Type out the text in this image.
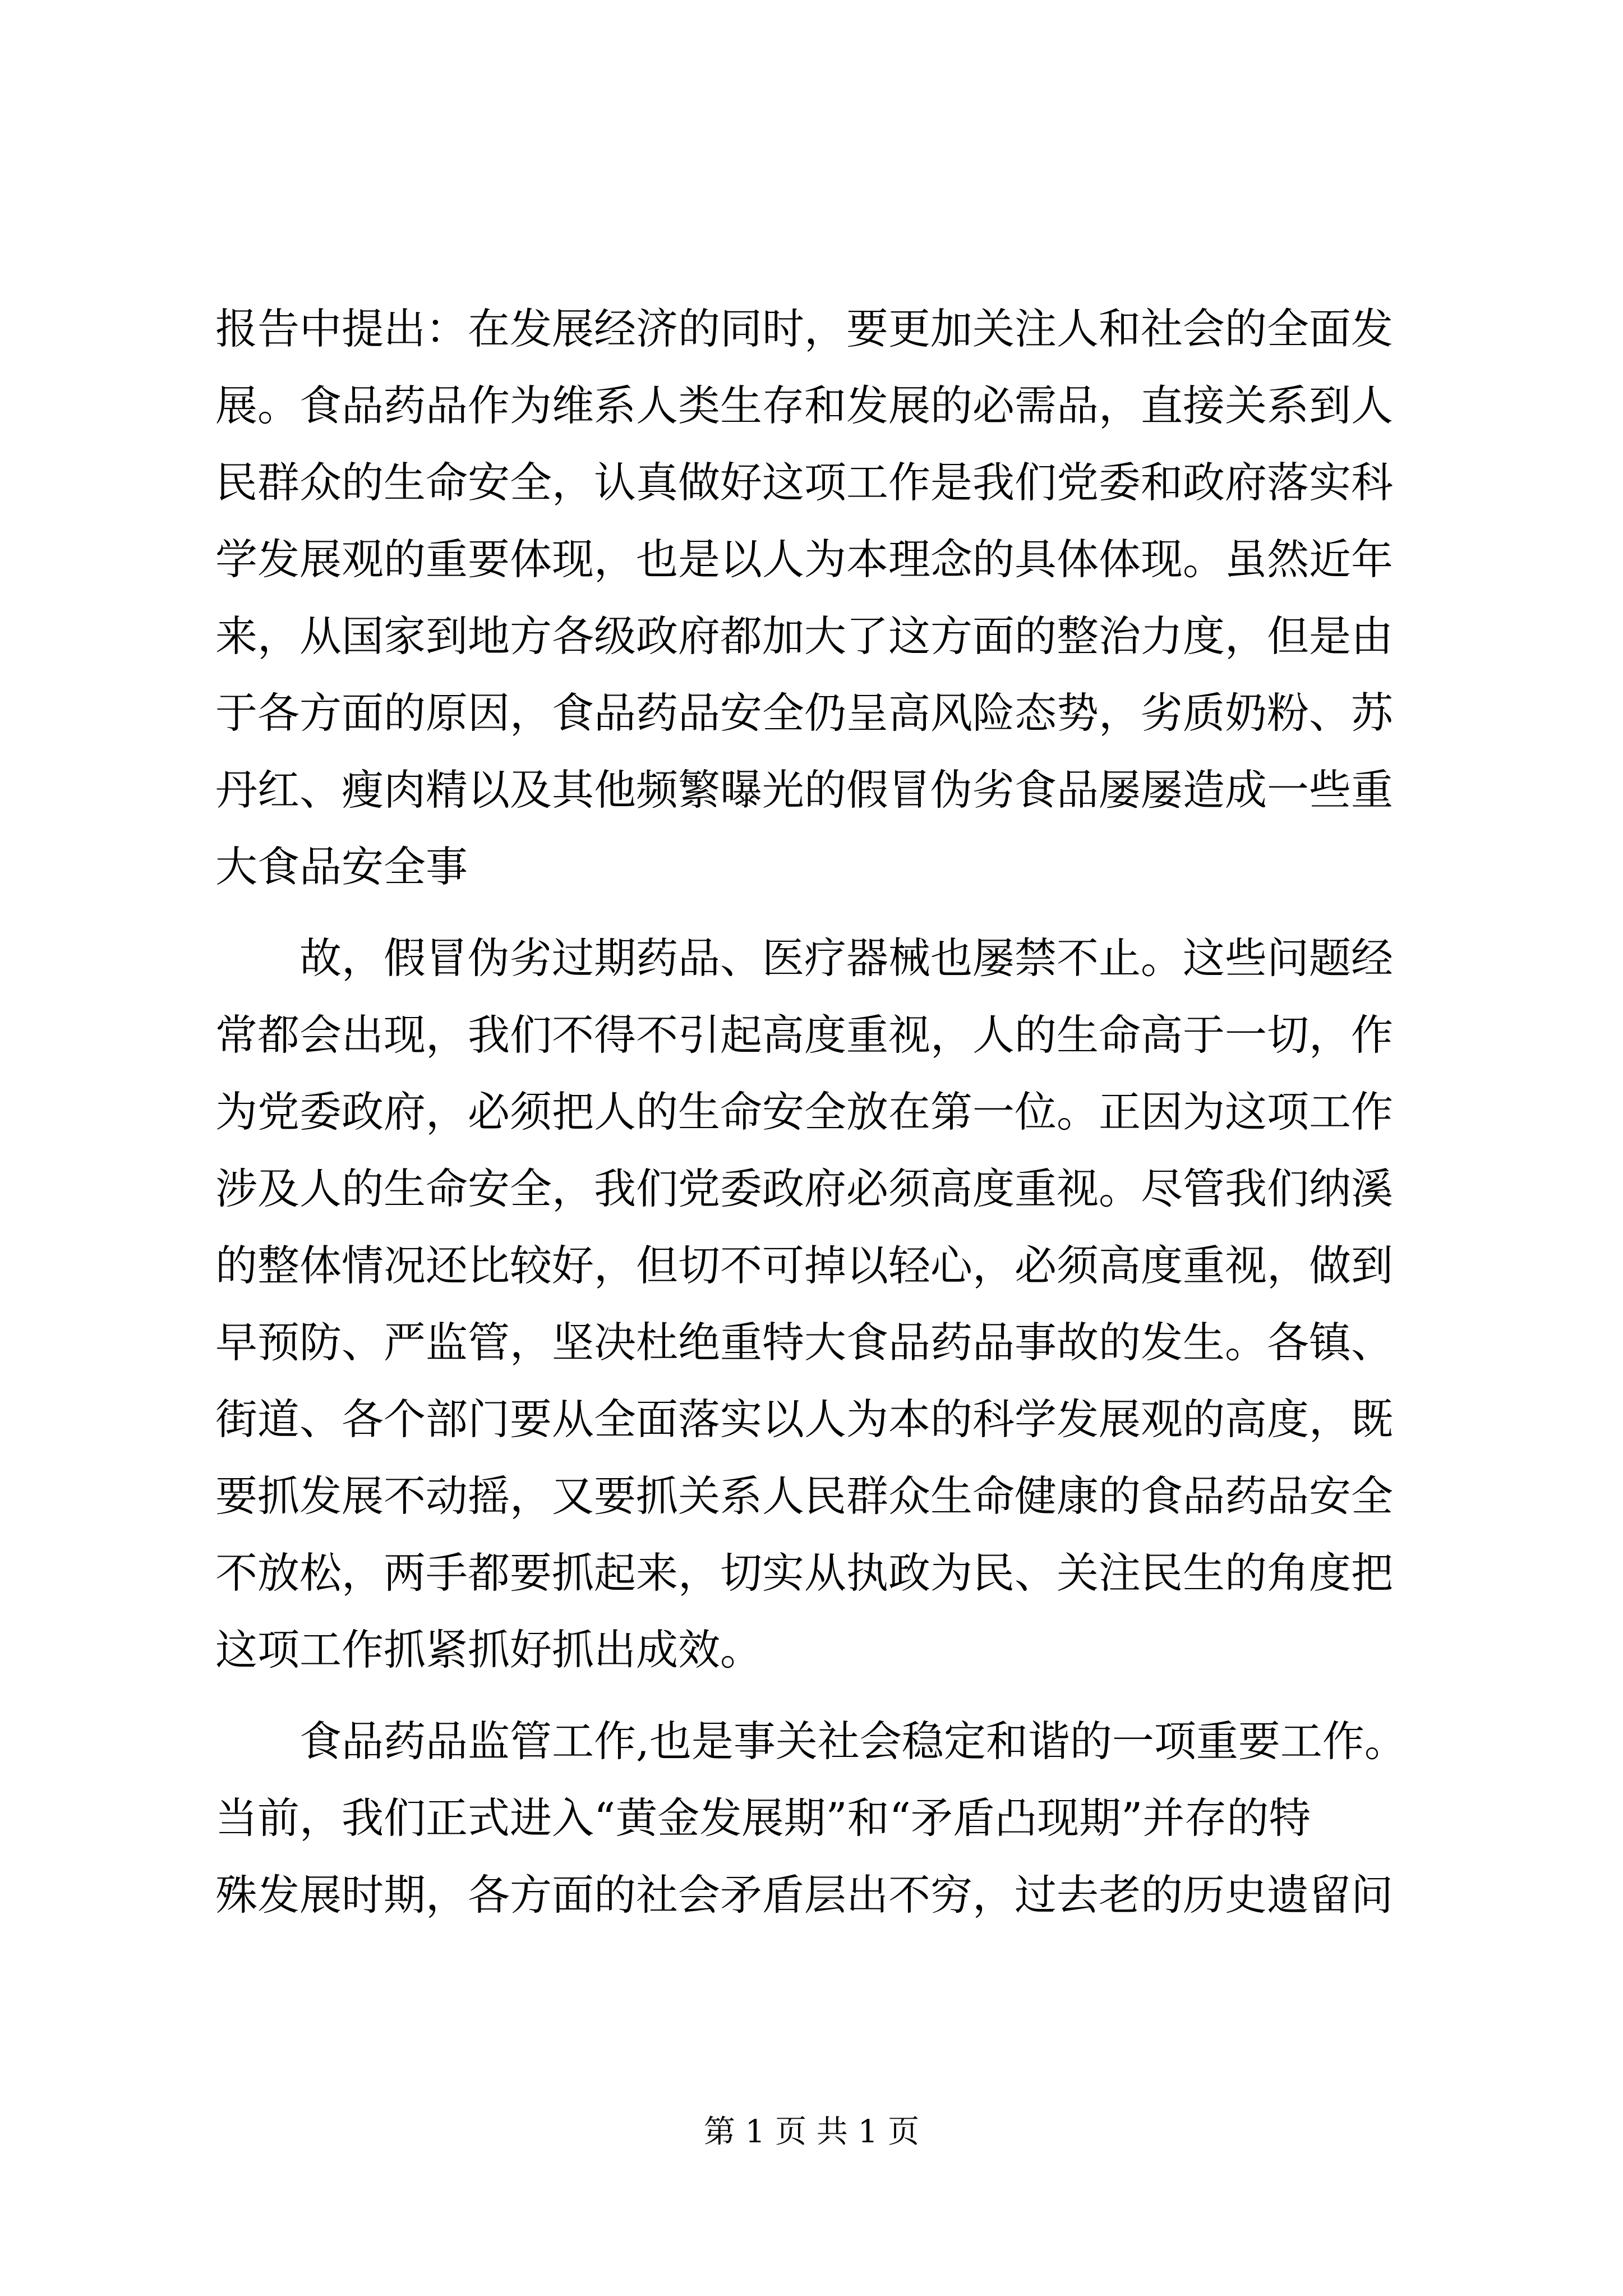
报告中提出：在发展经济的同时，要更加关注人和社会的全面发
展。食品药品作为维系人类生存和发展的必需品，直接关系到人
民群众的生命安全，认真做好这项工作是我们党委和政府落实科
学发展观的重要体现，也是以人为本理念的具体体现。虽然近年
来，从国家到地方各级政府都加大了这方面的整治力度，但是由
于各方面的原因，食品药品安全仍呈高风险态势，劣质奶粉、苏
丹红、瘦肉精以及其他频繁曝光的假冒伪劣食品屡屡造成一些重
大食品安全事
故，假冒伪劣过期药品、医疗器械也屡禁不止。这些问题经
常都会出现，我们不得不引起高度重视，人的生命高于一切，作
为党委政府，必须把人的生命安全放在第一位。正因为这项工作
涉及人的生命安全，我们党委政府必须高度重视。尽管我们纳溪
的整体情况还比较好，但切不可掉以轻心，必须高度重视，做到
早预防、严监管，坚决杜绝重特大食品药品事故的发生。各镇、
街道、各个部门要从全面落实以人为本的科学发展观的高度，既
要抓发展不动摇，又要抓关系人民群众生命健康的食品药品安全
不放松，两手都要抓起来，切实从执政为民、关注民生的角度把
这项工作抓紧抓好抓出成效。
食品药品监管工作,也是事关社会稳定和谐的一项重要工作。
当前，我们正式进入“黄金发展期”和“矛盾凸现期”并存的特
殊发展时期，各方面的社会矛盾层出不穷，过去老的历史遗留问
第 1 页 共 1 页
